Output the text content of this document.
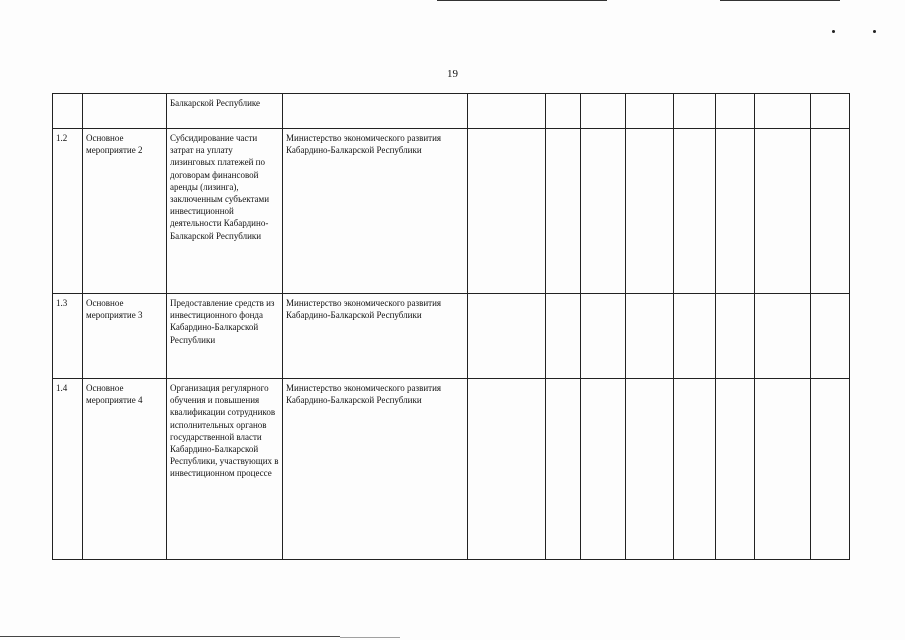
19
		Балкарской Республике									
1.2	Основное мероприятие 2	Субсидирование части затрат на уплату лизинговых платежей по договорам финансовой аренды (лизинга), заключенным субъектами инвестиционной деятельности Кабардино-Балкарской Республики	Министерство экономического развития Кабардино-Балкарской Республики								
1.3	Основное мероприятие 3	Предоставление средств из инвестиционного фонда Кабардино-Балкарской Республики	Министерство экономического развития Кабардино-Балкарской Республики								
1.4	Основное мероприятие 4	Организация регулярного обучения и повышения квалификации сотрудников исполнительных органов государственной власти Кабардино-Балкарской Республики, участвующих в инвестиционном процессе	Министерство экономического развития Кабардино-Балкарской Республики								
